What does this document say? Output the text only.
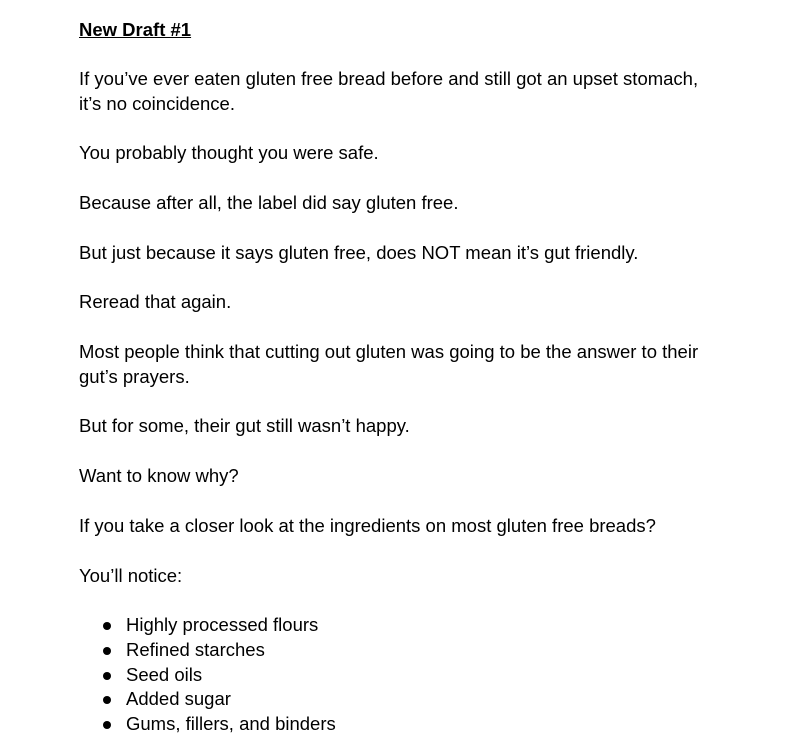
New Draft #1

If you’ve ever eaten gluten free bread before and still got an upset stomach, it’s no coincidence.

You probably thought you were safe.

Because after all, the label did say gluten free.

But just because it says gluten free, does NOT mean it’s gut friendly.

Reread that again.

Most people think that cutting out gluten was going to be the answer to their gut’s prayers.

But for some, their gut still wasn’t happy.

Want to know why?

If you take a closer look at the ingredients on most gluten free breads?

You’ll notice:

Highly processed flours
Refined starches
Seed oils
Added sugar
Gums, fillers, and binders
